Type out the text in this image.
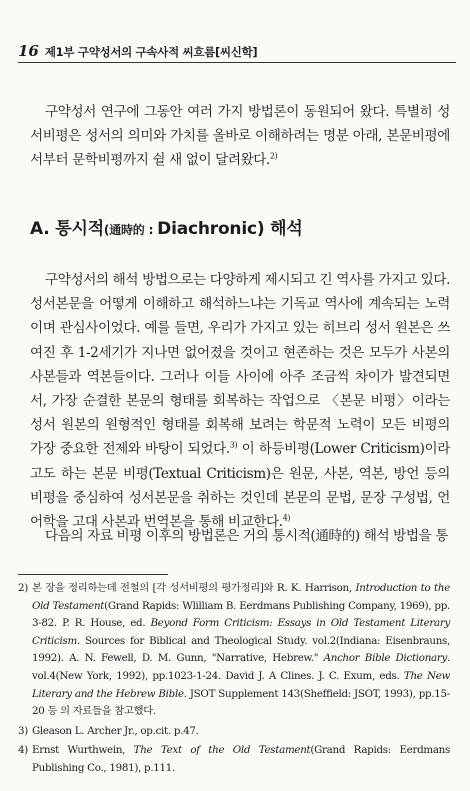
16 제1부 구약성서의 구속사적 씨흐름[씨신학]
구약성서 연구에 그동안 여러 가지 방법론이 동원되어 왔다. 특별히 성서비평은 성서의 의미와 가치를 올바로 이해하려는 명분 아래, 본문비평에서부터 문학비평까지 쉴 새 없이 달려왔다.$^{2)}$
A. 통시적(通時的 : Diachronic) 해석
구약성서의 해석 방법으로는 다양하게 제시되고 긴 역사를 가지고 있다. 성서본문을 어떻게 이해하고 해석하느냐는 기독교 역사에 계속되는 노력이며 관심사이었다. 예를 들면, 우리가 가지고 있는 히브리 성서 원본은 쓰여진 후 1-2세기가 지나면 없어졌을 것이고 현존하는 것은 모두가 사본의 사본들과 역본들이다. 그러나 이들 사이에 아주 조금씩 차이가 발견되면서, 가장 순결한 본문의 형태를 회복하는 작업으로 〈본문 비평〉이라는 성서 원본의 원형적인 형태를 회복해 보려는 학문적 노력이 모든 비평의 가장 중요한 전제와 바탕이 되었다.$^{3)}$ 이 하등비평(Lower Criticism)이라고도 하는 본문 비평(Textual Criticism)은 원문, 사본, 역본, 방언 등의 비평을 중심하여 성서본문을 취하는 것인데 본문의 문법, 문장 구성법, 언어학을 고대 사본과 번역본을 통해 비교한다.$^{4)}$
다음의 자료 비평 이후의 방법론은 거의 통시적(通時的) 해석 방법을 통
2) 본 장을 정리하는데 전철의 [각 성서비평의 평가정리]와 R. K. Harrison, Introduction to the Old Testament(Grand Rapids: Wlilliam B. Eerdmans Publishing Company, 1969), pp. 3-82. P. R. House, ed. Beyond Form Criticism: Essays in Old Testament Literary Criticism. Sources for Biblical and Theological Study. vol.2(Indiana: Eisenbrauns, 1992). A. N. Fewell, D. M. Gunn, "Narrative, Hebrew." Anchor Bible Dictionary. vol.4(New York, 1992), pp.1023-1-24. David J. A Clines. J. C. Exum, eds. The New Literary and the Hebrew Bible. JSOT Supplement 143(Sheffield: JSOT, 1993), pp.15-20 등 의 자료들을 참고했다.
3) Gleason L. Archer Jr., op.cit. p.47.
4) Ernst Wurthwein, The Text of the Old Testament(Grand Rapids: Eerdmans Publishing Co., 1981), p.111.
